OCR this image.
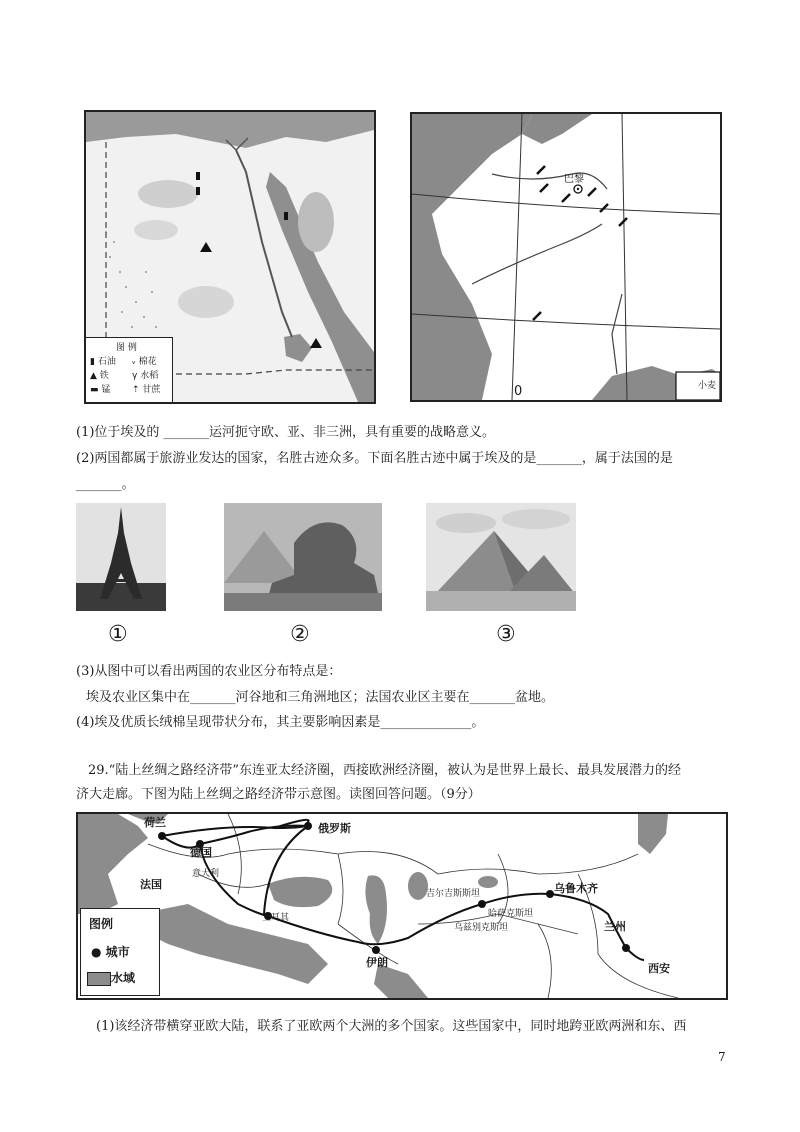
图 例
▮ 石油 ᵥ 棉花
▲ 铁	γ 水稻
▬ 锰 ⇡ 甘蔗
巴黎
小麦
0
(1)位于埃及的 _______运河扼守欧、亚、非三洲，具有重要的战略意义。
(2)两国都属于旅游业发达的国家，名胜古迹众多。下面名胜古迹中属于埃及的是_______，属于法国的是
_______。
①	②	③
(3)从图中可以看出两国的农业区分布特点是：
埃及农业区集中在_______河谷地和三角洲地区；法国农业区主要在_______盆地。
(4)埃及优质长绒棉呈现带状分布，其主要影响因素是______________。
29.“陆上丝绸之路经济带”东连亚太经济圈，西接欧洲经济圈，被认为是世界上最长、最具发展潜力的经
济大走廊。下图为陆上丝绸之路经济带示意图。读图回答问题。（9分）
荷兰
德国
俄罗斯
法国
意大利
土耳其
伊朗
吉尔吉斯斯坦
哈萨克斯坦
乌兹别克斯坦
乌鲁木齐
兰州
西安
图例
● 城市
水域
(1)该经济带横穿亚欧大陆，联系了亚欧两个大洲的多个国家。这些国家中，同时地跨亚欧两洲和东、西
7
